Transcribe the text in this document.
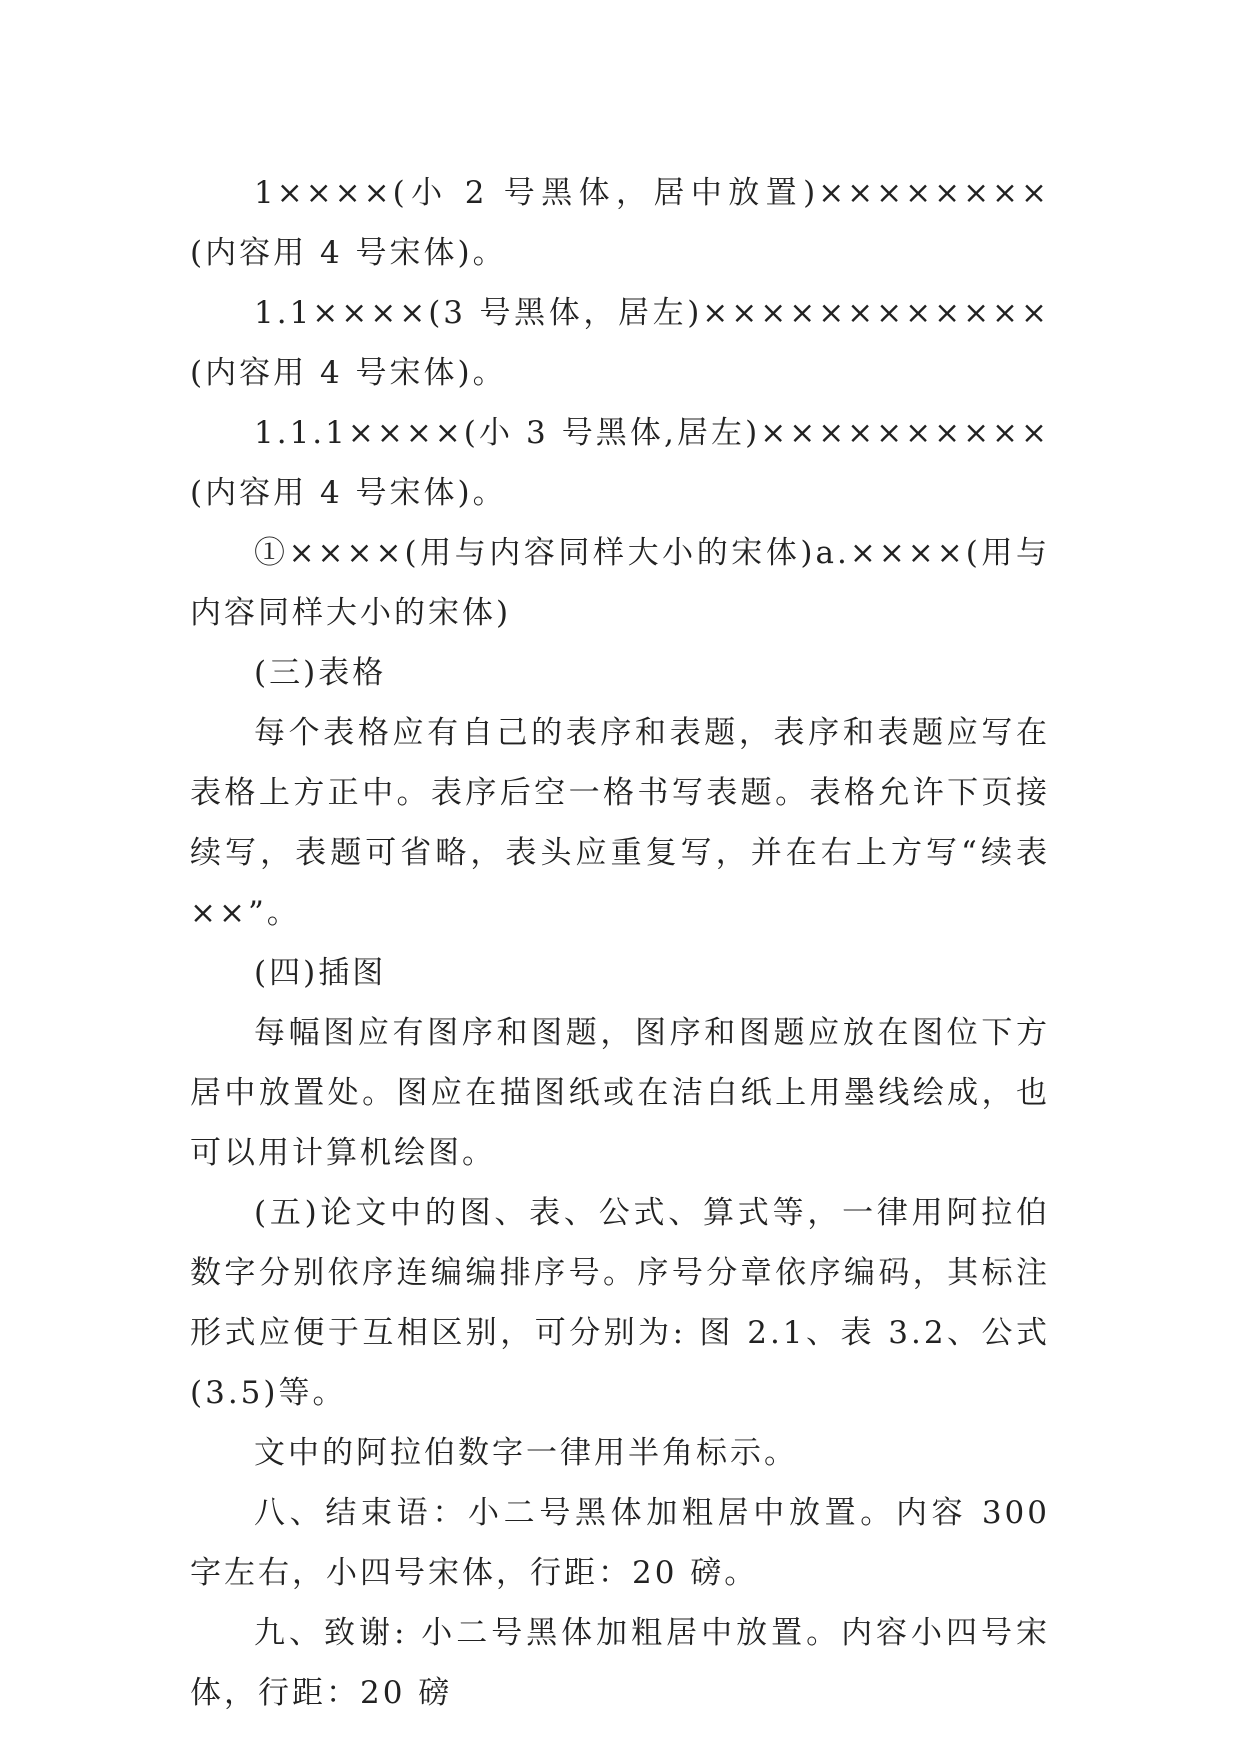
1××××(小 2 号黑体，居中放置)××××××××(内容用 4 号宋体)。

1.1××××(3 号黑体，居左)××××××××××××(内容用 4 号宋体)。

1.1.1××××(小 3 号黑体,居左)××××××××××(内容用 4 号宋体)。

①××××(用与内容同样大小的宋体)a.××××(用与内容同样大小的宋体)

(三)表格

每个表格应有自己的表序和表题，表序和表题应写在表格上方正中。表序后空一格书写表题。表格允许下页接续写，表题可省略，表头应重复写，并在右上方写“续表××”。

(四)插图

每幅图应有图序和图题，图序和图题应放在图位下方居中放置处。图应在描图纸或在洁白纸上用墨线绘成，也可以用计算机绘图。

(五)论文中的图、表、公式、算式等，一律用阿拉伯数字分别依序连编编排序号。序号分章依序编码，其标注形式应便于互相区别，可分别为: 图 2.1、表 3.2、公式(3.5)等。

文中的阿拉伯数字一律用半角标示。

八、结束语：小二号黑体加粗居中放置。内容 300 字左右，小四号宋体，行距：20 磅。

九、致谢: 小二号黑体加粗居中放置。内容小四号宋体，行距：20 磅
